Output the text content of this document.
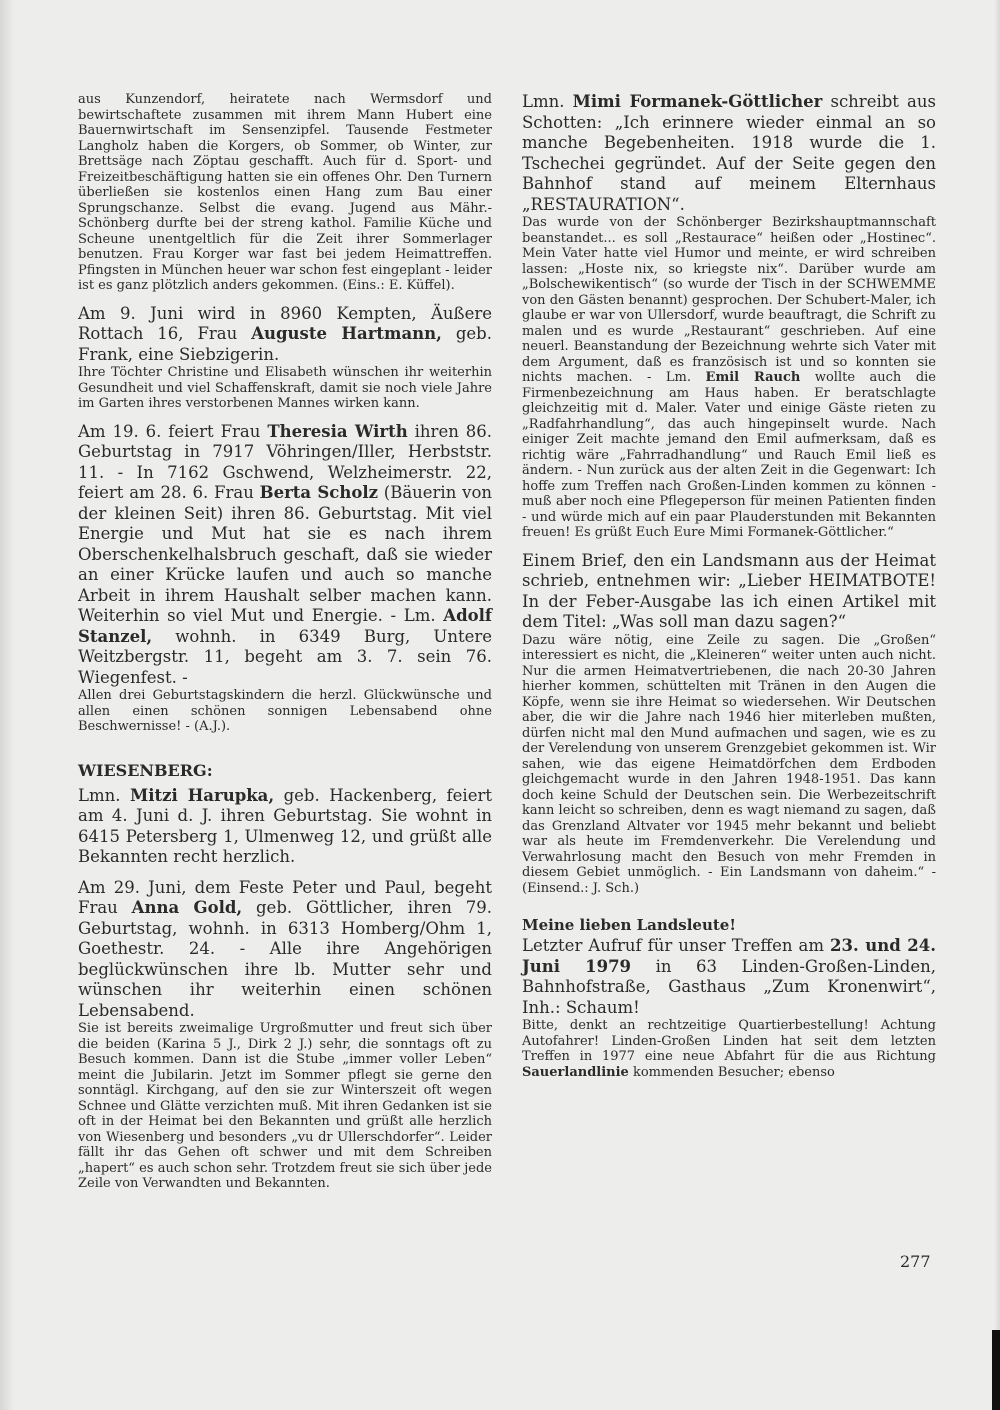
aus Kunzendorf, heiratete nach Wermsdorf und bewirtschaftete zusammen mit ihrem Mann Hubert eine Bauernwirtschaft im Sensenzipfel. Tausende Festmeter Langholz haben die Korgers, ob Sommer, ob Winter, zur Brettsäge nach Zöptau geschafft. Auch für d. Sport- und Freizeitbeschäftigung hatten sie ein offenes Ohr. Den Turnern überließen sie kostenlos einen Hang zum Bau einer Sprungschanze. Selbst die evang. Jugend aus Mähr.-Schönberg durfte bei der streng kathol. Familie Küche und Scheune unentgeltlich für die Zeit ihrer Sommerlager benutzen. Frau Korger war fast bei jedem Heimattreffen. Pfingsten in München heuer war schon fest eingeplant - leider ist es ganz plötzlich anders gekommen. (Eins.: E. Küffel).

Am 9. Juni wird in 8960 Kempten, Äußere Rottach 16, Frau Auguste Hartmann, geb. Frank, eine Siebzigerin.

Ihre Töchter Christine und Elisabeth wünschen ihr weiterhin Gesundheit und viel Schaffenskraft, damit sie noch viele Jahre im Garten ihres verstorbenen Mannes wirken kann.

Am 19. 6. feiert Frau Theresia Wirth ihren 86. Geburtstag in 7917 Vöhringen/Iller, Herbststr. 11. - In 7162 Gschwend, Welzheimerstr. 22, feiert am 28. 6. Frau Berta Scholz (Bäuerin von der kleinen Seit) ihren 86. Geburtstag. Mit viel Energie und Mut hat sie es nach ihrem Oberschenkelhalsbruch geschaft, daß sie wieder an einer Krücke laufen und auch so manche Arbeit in ihrem Haushalt selber machen kann. Weiterhin so viel Mut und Energie. - Lm. Adolf Stanzel, wohnh. in 6349 Burg, Untere Weitzbergstr. 11, begeht am 3. 7. sein 76. Wiegenfest. -

Allen drei Geburtstagskindern die herzl. Glückwünsche und allen einen schönen sonnigen Lebensabend ohne Beschwernisse! - (A.J.).

WIESENBERG:

Lmn. Mitzi Harupka, geb. Hackenberg, feiert am 4. Juni d. J. ihren Geburtstag. Sie wohnt in 6415 Petersberg 1, Ulmenweg 12, und grüßt alle Bekannten recht herzlich.

Am 29. Juni, dem Feste Peter und Paul, begeht Frau Anna Gold, geb. Göttlicher, ihren 79. Geburtstag, wohnh. in 6313 Homberg/Ohm 1, Goethestr. 24. - Alle ihre Angehörigen beglückwünschen ihre lb. Mutter sehr und wünschen ihr weiterhin einen schönen Lebensabend.

Sie ist bereits zweimalige Urgroßmutter und freut sich über die beiden (Karina 5 J., Dirk 2 J.) sehr, die sonntags oft zu Besuch kommen. Dann ist die Stube „immer voller Leben“ meint die Jubilarin. Jetzt im Sommer pflegt sie gerne den sonntägl. Kirchgang, auf den sie zur Winterszeit oft wegen Schnee und Glätte verzichten muß. Mit ihren Gedanken ist sie oft in der Heimat bei den Bekannten und grüßt alle herzlich von Wiesenberg und besonders „vu dr Ullerschdorfer“. Leider fällt ihr das Gehen oft schwer und mit dem Schreiben „hapert“ es auch schon sehr. Trotzdem freut sie sich über jede Zeile von Verwandten und Bekannten.

Lmn. Mimi Formanek-Göttlicher schreibt aus Schotten: „Ich erinnere wieder einmal an so manche Begebenheiten. 1918 wurde die 1. Tschechei gegründet. Auf der Seite gegen den Bahnhof stand auf meinem Elternhaus „RESTAURATION“.

Das wurde von der Schönberger Bezirkshauptmannschaft beanstandet... es soll „Restaurace“ heißen oder „Hostinec“. Mein Vater hatte viel Humor und meinte, er wird schreiben lassen: „Hoste nix, so kriegste nix“. Darüber wurde am „Bolschewikentisch“ (so wurde der Tisch in der SCHWEMME von den Gästen benannt) gesprochen. Der Schubert-Maler, ich glaube er war von Ullersdorf, wurde beauftragt, die Schrift zu malen und es wurde „Restaurant“ geschrieben. Auf eine neuerl. Beanstandung der Bezeichnung wehrte sich Vater mit dem Argument, daß es französisch ist und so konnten sie nichts machen. - Lm. Emil Rauch wollte auch die Firmenbezeichnung am Haus haben. Er beratschlagte gleichzeitig mit d. Maler. Vater und einige Gäste rieten zu „Radfahrhandlung“, das auch hingepinselt wurde. Nach einiger Zeit machte jemand den Emil aufmerksam, daß es richtig wäre „Fahrradhandlung“ und Rauch Emil ließ es ändern. - Nun zurück aus der alten Zeit in die Gegenwart: Ich hoffe zum Treffen nach Großen-Linden kommen zu können - muß aber noch eine Pflegeperson für meinen Patienten finden - und würde mich auf ein paar Plauderstunden mit Bekannten freuen! Es grüßt Euch Eure Mimi Formanek-Göttlicher.“

Einem Brief, den ein Landsmann aus der Heimat schrieb, entnehmen wir: „Lieber HEIMATBOTE! In der Feber-Ausgabe las ich einen Artikel mit dem Titel: „Was soll man dazu sagen?“

Dazu wäre nötig, eine Zeile zu sagen. Die „Großen“ interessiert es nicht, die „Kleineren“ weiter unten auch nicht. Nur die armen Heimatvertriebenen, die nach 20-30 Jahren hierher kommen, schüttelten mit Tränen in den Augen die Köpfe, wenn sie ihre Heimat so wiedersehen. Wir Deutschen aber, die wir die Jahre nach 1946 hier miterleben mußten, dürfen nicht mal den Mund aufmachen und sagen, wie es zu der Verelendung von unserem Grenzgebiet gekommen ist. Wir sahen, wie das eigene Heimatdörfchen dem Erdboden gleichgemacht wurde in den Jahren 1948-1951. Das kann doch keine Schuld der Deutschen sein. Die Werbezeitschrift kann leicht so schreiben, denn es wagt niemand zu sagen, daß das Grenzland Altvater vor 1945 mehr bekannt und beliebt war als heute im Fremdenverkehr. Die Verelendung und Verwahrlosung macht den Besuch von mehr Fremden in diesem Gebiet unmöglich. - Ein Landsmann von daheim.“ - (Einsend.: J. Sch.)

Meine lieben Landsleute!

Letzter Aufruf für unser Treffen am 23. und 24. Juni 1979 in 63 Linden-Großen-Linden, Bahnhofstraße, Gasthaus „Zum Kronenwirt“, Inh.: Schaum!

Bitte, denkt an rechtzeitige Quartierbestellung! Achtung Autofahrer! Linden-Großen Linden hat seit dem letzten Treffen in 1977 eine neue Abfahrt für die aus Richtung Sauerlandlinie kommenden Besucher; ebenso

277
